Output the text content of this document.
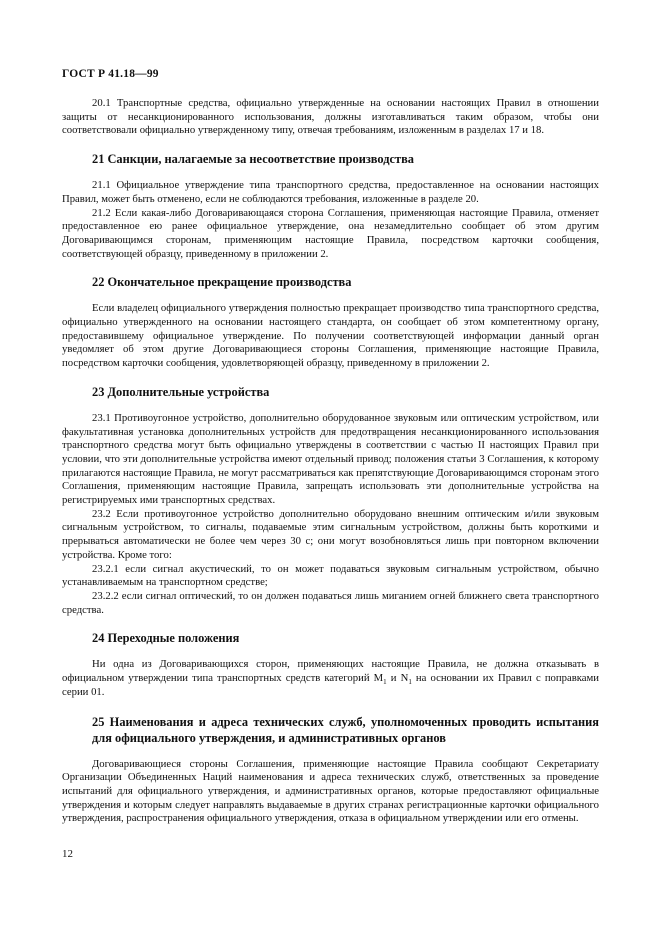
ГОСТ Р 41.18—99

20.1 Транспортные средства, официально утвержденные на основании настоящих Правил в отношении защиты от несанкционированного использования, должны изготавливаться таким образом, чтобы они соответствовали официально утвержденному типу, отвечая требованиям, изложенным в разделах 17 и 18.

21 Санкции, налагаемые за несоответствие производства

21.1 Официальное утверждение типа транспортного средства, предоставленное на основании настоящих Правил, может быть отменено, если не соблюдаются требования, изложенные в разделе 20.

21.2 Если какая-либо Договаривающаяся сторона Соглашения, применяющая настоящие Правила, отменяет предоставленное ею ранее официальное утверждение, она незамедлительно сообщает об этом другим Договаривающимся сторонам, применяющим настоящие Правила, посредством карточки сообщения, соответствующей образцу, приведенному в приложении 2.

22 Окончательное прекращение производства

Если владелец официального утверждения полностью прекращает производство типа транспортного средства, официально утвержденного на основании настоящего стандарта, он сообщает об этом компетентному органу, предоставившему официальное утверждение. По получении соответствующей информации данный орган уведомляет об этом другие Договаривающиеся стороны Соглашения, применяющие настоящие Правила, посредством карточки сообщения, удовлетворяющей образцу, приведенному в приложении 2.

23 Дополнительные устройства

23.1 Противоугонное устройство, дополнительно оборудованное звуковым или оптическим устройством, или факультативная установка дополнительных устройств для предотвращения несанкционированного использования транспортного средства могут быть официально утверждены в соответствии с частью II настоящих Правил при условии, что эти дополнительные устройства имеют отдельный привод; положения статьи 3 Соглашения, к которому прилагаются настоящие Правила, не могут рассматриваться как препятствующие Договаривающимся сторонам этого Соглашения, применяющим настоящие Правила, запрещать использовать эти дополнительные устройства на регистрируемых ими транспортных средствах.

23.2 Если противоугонное устройство дополнительно оборудовано внешним оптическим и/или звуковым сигнальным устройством, то сигналы, подаваемые этим сигнальным устройством, должны быть короткими и прерываться автоматически не более чем через 30 с; они могут возобновляться лишь при повторном включении устройства. Кроме того:

23.2.1 если сигнал акустический, то он может подаваться звуковым сигнальным устройством, обычно устанавливаемым на транспортном средстве;

23.2.2 если сигнал оптический, то он должен подаваться лишь миганием огней ближнего света транспортного средства.

24 Переходные положения

Ни одна из Договаривающихся сторон, применяющих настоящие Правила, не должна отказывать в официальном утверждении типа транспортных средств категорий $M_1$ и $N_1$ на основании их Правил с поправками серии 01.

25 Наименования и адреса технических служб, уполномоченных проводить испытания для официального утверждения, и административных органов

Договаривающиеся стороны Соглашения, применяющие настоящие Правила сообщают Секретариату Организации Объединенных Наций наименования и адреса технических служб, ответственных за проведение испытаний для официального утверждения, и административных органов, которые предоставляют официальные утверждения и которым следует направлять выдаваемые в других странах регистрационные карточки официального утверждения, распространения официального утверждения, отказа в официальном утверждении или его отмены.

12
